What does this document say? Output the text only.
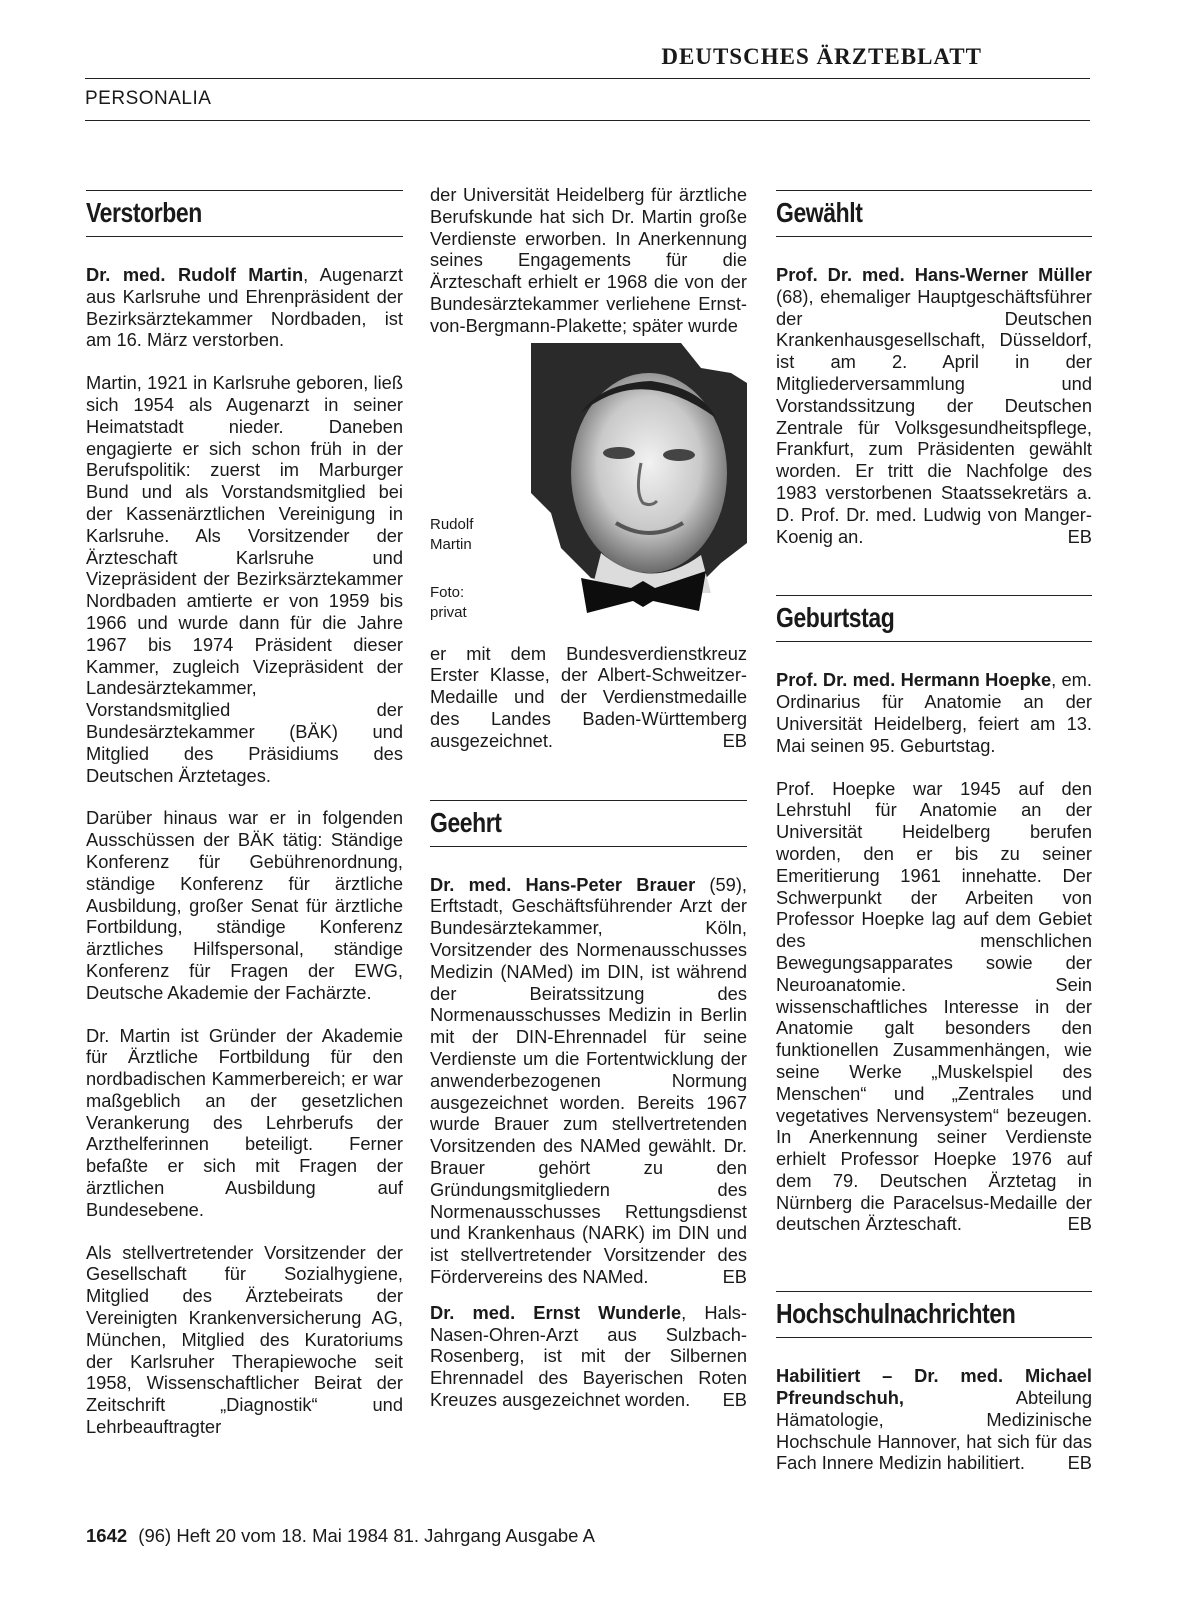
DEUTSCHES ÄRZTEBLATT
PERSONALIA
Verstorben

Dr. med. Rudolf Martin, Augenarzt aus Karlsruhe und Ehrenpräsident der Bezirksärztekammer Nordbaden, ist am 16. März verstorben.

Martin, 1921 in Karlsruhe geboren, ließ sich 1954 als Augenarzt in seiner Heimatstadt nieder. Daneben engagierte er sich schon früh in der Berufspolitik: zuerst im Marburger Bund und als Vorstandsmitglied bei der Kassenärztlichen Vereinigung in Karlsruhe. Als Vorsitzender der Ärzteschaft Karlsruhe und Vizepräsident der Bezirksärztekammer Nordbaden amtierte er von 1959 bis 1966 und wurde dann für die Jahre 1967 bis 1974 Präsident dieser Kammer, zugleich Vizepräsident der Landesärztekammer, Vorstandsmitglied der Bundesärztekammer (BÄK) und Mitglied des Präsidiums des Deutschen Ärztetages.

Darüber hinaus war er in folgenden Ausschüssen der BÄK tätig: Ständige Konferenz für Gebührenordnung, ständige Konferenz für ärztliche Ausbildung, großer Senat für ärztliche Fortbildung, ständige Konferenz ärztliches Hilfspersonal, ständige Konferenz für Fragen der EWG, Deutsche Akademie der Fachärzte.

Dr. Martin ist Gründer der Akademie für Ärztliche Fortbildung für den nordbadischen Kammerbereich; er war maßgeblich an der gesetzlichen Verankerung des Lehrberufs der Arzthelferinnen beteiligt. Ferner befaßte er sich mit Fragen der ärztlichen Ausbildung auf Bundesebene.

Als stellvertretender Vorsitzender der Gesellschaft für Sozialhygiene, Mitglied des Ärztebeirats der Vereinigten Krankenversicherung AG, München, Mitglied des Kuratoriums der Karlsruher Therapiewoche seit 1958, Wissenschaftlicher Beirat der Zeitschrift „Diagnostik“ und Lehrbeauftragter

der Universität Heidelberg für ärztliche Berufskunde hat sich Dr. Martin große Verdienste erworben. In Anerkennung seines Engagements für die Ärzteschaft erhielt er 1968 die von der Bundesärztekammer verliehene Ernst-von-Bergmann-Plakette; später wurde

Rudolf Martin
Foto: privat

er mit dem Bundesverdienstkreuz Erster Klasse, der Albert-Schweitzer-Medaille und der Verdienstmedaille des Landes Baden-Württemberg ausgezeichnet.	EB

Geehrt

Dr. med. Hans-Peter Brauer (59), Erftstadt, Geschäftsführender Arzt der Bundesärztekammer, Köln, Vorsitzender des Normenausschusses Medizin (NAMed) im DIN, ist während der Beiratssitzung des Normenausschusses Medizin in Berlin mit der DIN-Ehrennadel für seine Verdienste um die Fortentwicklung der anwenderbezogenen Normung ausgezeichnet worden. Bereits 1967 wurde Brauer zum stellvertretenden Vorsitzenden des NAMed gewählt. Dr. Brauer gehört zu den Gründungsmitgliedern des Normenausschusses Rettungsdienst und Krankenhaus (NARK) im DIN und ist stellvertretender Vorsitzender des Fördervereins des NAMed.	EB

Dr. med. Ernst Wunderle, Hals-Nasen-Ohren-Arzt aus Sulzbach-Rosenberg, ist mit der Silbernen Ehrennadel des Bayerischen Roten Kreuzes ausgezeichnet worden. EB

Gewählt

Prof. Dr. med. Hans-Werner Müller (68), ehemaliger Hauptgeschäftsführer der Deutschen Krankenhausgesellschaft, Düsseldorf, ist am 2. April in der Mitgliederversammlung und Vorstandssitzung der Deutschen Zentrale für Volksgesundheitspflege, Frankfurt, zum Präsidenten gewählt worden. Er tritt die Nachfolge des 1983 verstorbenen Staatssekretärs a. D. Prof. Dr. med. Ludwig von Manger-Koenig an.	EB

Geburtstag

Prof. Dr. med. Hermann Hoepke, em. Ordinarius für Anatomie an der Universität Heidelberg, feiert am 13. Mai seinen 95. Geburtstag.

Prof. Hoepke war 1945 auf den Lehrstuhl für Anatomie an der Universität Heidelberg berufen worden, den er bis zu seiner Emeritierung 1961 innehatte. Der Schwerpunkt der Arbeiten von Professor Hoepke lag auf dem Gebiet des menschlichen Bewegungsapparates sowie der Neuroanatomie. Sein wissenschaftliches Interesse in der Anatomie galt besonders den funktionellen Zusammenhängen, wie seine Werke „Muskelspiel des Menschen“ und „Zentrales und vegetatives Nervensystem“ bezeugen. In Anerkennung seiner Verdienste erhielt Professor Hoepke 1976 auf dem 79. Deutschen Ärztetag in Nürnberg die Paracelsus-Medaille der deutschen Ärzteschaft.	EB

Hochschulnachrichten

Habilitiert – Dr. med. Michael Pfreundschuh, Abteilung Hämatologie, Medizinische Hochschule Hannover, hat sich für das Fach Innere Medizin habilitiert. EB

1642 (96) Heft 20 vom 18. Mai 1984 81. Jahrgang Ausgabe A
